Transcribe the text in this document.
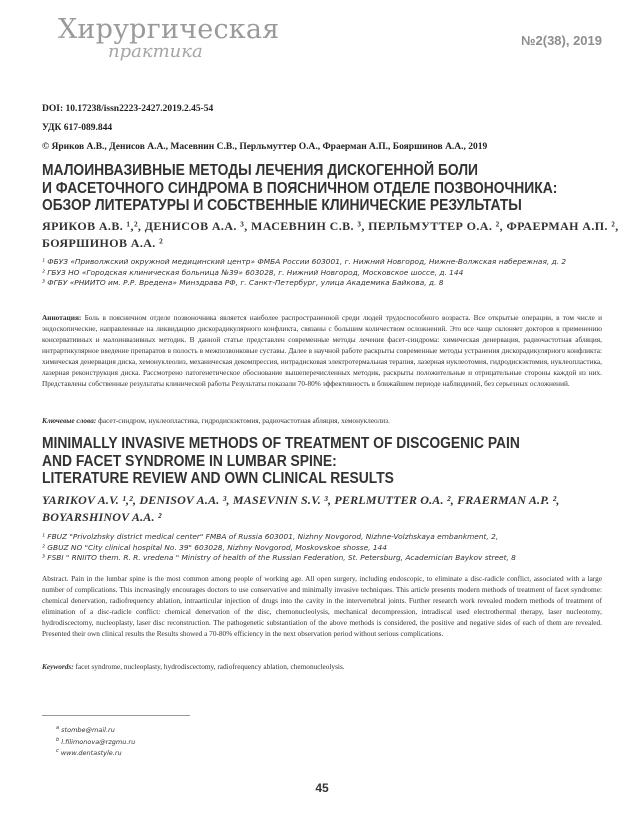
Хирургическая
практика
№2(38), 2019
DOI: 10.17238/issn2223-2427.2019.2.45-54
УДК 617-089.844
© Яриков А.В., Денисов А.А., Масевнин С.В., Перльмуттер О.А., Фраерман А.П., Бояршинов А.А., 2019
МАЛОИНВАЗИВНЫЕ МЕТОДЫ ЛЕЧЕНИЯ ДИСКОГЕННОЙ БОЛИ
И ФАСЕТОЧНОГО СИНДРОМА В ПОЯСНИЧНОМ ОТДЕЛЕ ПОЗВОНОЧНИКА:
ОБЗОР ЛИТЕРАТУРЫ И СОБСТВЕННЫЕ КЛИНИЧЕСКИЕ РЕЗУЛЬТАТЫ
ЯРИКОВ А.В. ¹,², ДЕНИСОВ А.А. ³, МАСЕВНИН С.В. ³, ПЕРЛЬМУТТЕР О.А. ², ФРАЕРМАН А.П. ²,
БОЯРШИНОВ А.А. ²

¹ ФБУЗ «Приволжский окружной медицинский центр» ФМБА России 603001, г. Нижний Новгород, Нижне-Волжская набережная, д. 2

² ГБУЗ НО «Городская клиническая больница №39» 603028, г. Нижний Новгород, Московское шоссе, д. 144

³ ФГБУ «РНИИТО им. Р.Р. Вредена» Минздрава РФ, г. Санкт-Петербург, улица Академика Байкова, д. 8

Аннотация: Боль в поясничном отделе позвоночника является наиболее распространенной среди людей трудоспособного возраста. Все открытые операции, в том числе и эндоскопические, направленные на ликвидацию дискорадикулярного конфликта, связаны с большим количеством осложнений. Это все чаще склоняет докторов к применению консервативных и малоинвазивных методик. В данной статье представлен современные методы лечения фасет-синдрома: химическая денервация, радиочастотная абляция, интрартикулярное введение препаратов в полость в межпозвонковые суставы. Далее в научной работе раскрыты современные методы устранения дискорадикулярного конфликта: химическая денервация диска, хемонуклеолиз, механическая декомпрессия, интрадисковая электротермальная терапия, лазерная нуклеотомия, гидродискэктомия, нуклеопластика, лазерная реконструкция диска. Рассмотрено патогенетическое обоснование вышеперечисленных методик, раскрыты положительные и отрицательные стороны каждой из них. Представлены собственные результаты клинической работы Результаты показали 70-80% эффективность в ближайшем периоде наблюдений, без серьезных осложнений.

Ключевые слова: фасет-синдром, нуклеопластика, гидродискэктомия, радиочастотная абляция, хемонуклеолиз.

MINIMALLY INVASIVE METHODS OF TREATMENT OF DISCOGENIC PAIN
AND FACET SYNDROME IN LUMBAR SPINE:
LITERATURE REVIEW AND OWN CLINICAL RESULTS
YARIKOV A.V. ¹,², DENISOV A.A. ³, MASEVNIN S.V. ³, PERLMUTTER O.A. ², FRAERMAN A.P. ²,
BOYARSHINOV A.A. ²

¹ FBUZ "Privolzhsky district medical center" FMBA of Russia 603001, Nizhny Novgorod, Nizhne-Volzhskaya embankment, 2,

² GBUZ NO "City clinical hospital No. 39" 603028, Nizhny Novgorod, Moskovskoe shosse, 144

³ FSBI " RNIITO them. R. R. vredena " Ministry of health of the Russian Federation, St. Petersburg, Academician Baykov street, 8

Abstract. Pain in the lumbar spine is the most common among people of working age. All open surgery, including endoscopic, to eliminate a disc-radicle conflict, associated with a large number of complications. This increasingly encourages doctors to use conservative and minimally invasive techniques. This article presents modern methods of treatment of facet syndrome: chemical denervation, radiofrequency ablation, intraarticular injection of drugs into the cavity in the intervertebral joints. Further research work revealed modern methods of treatment of elimination of a disc-radicle conflict: chemical denervation of the disc, chemonucleolysis, mechanical decompression, intradiscal used electrothermal therapy, laser nucleotomy, hydrodiscectomy, nucleoplasty, laser disc reconstruction. The pathogenetic substantiation of the above methods is considered, the positive and negative sides of each of them are revealed. Presented their own clinical results the Results showed a 70-80% efficiency in the next observation period without serious complications.

Keywords: facet syndrome, nucleoplasty, hydrodiscectomy, radiofrequency ablation, chemonucleolysis.

$^a$ stombe@mail.ru
$^b$ l.filimonova@rzgmu.ru
$^c$ www.dentastyle.ru
45
